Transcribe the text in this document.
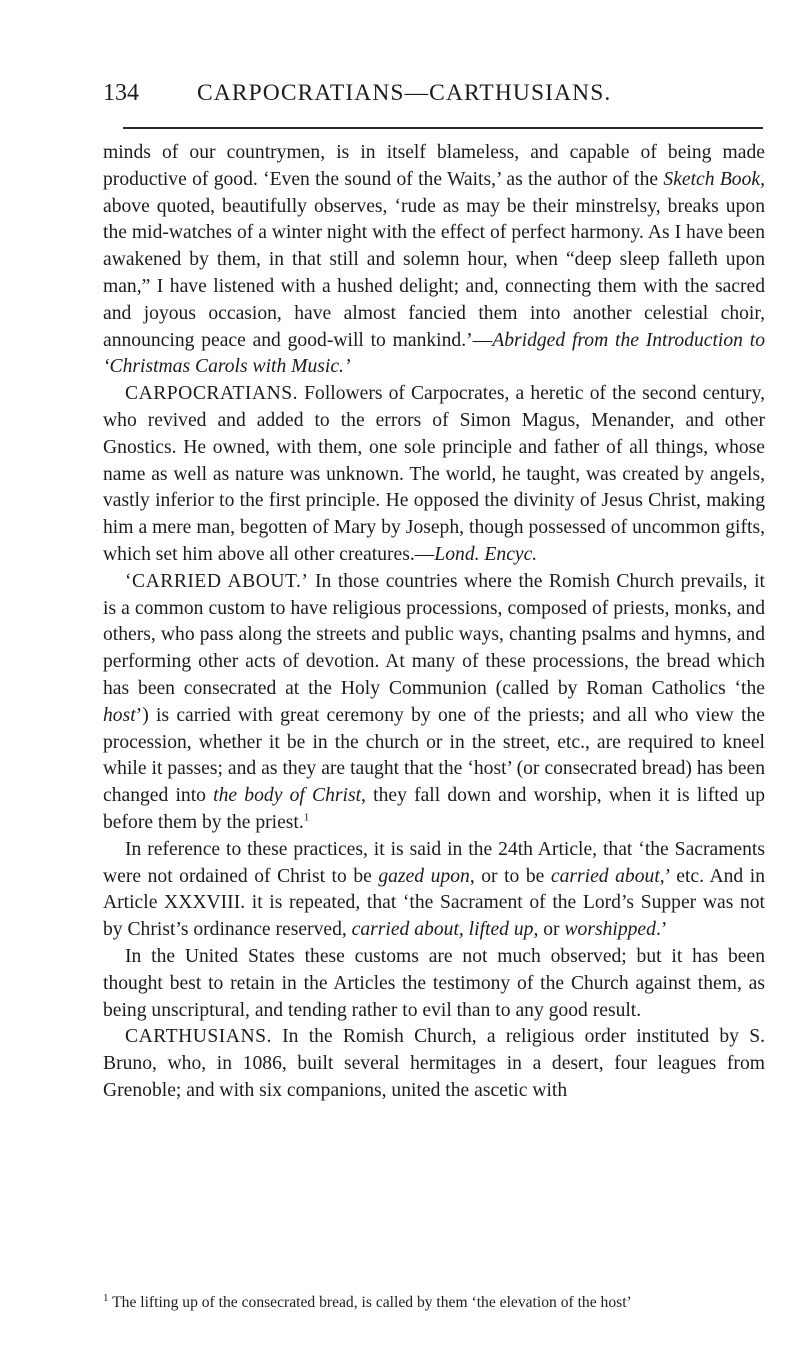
134 CARPOCRATIANS—CARTHUSIANS.

minds of our countrymen, is in itself blameless, and capable of being made productive of good. ‘Even the sound of the Waits,’ as the author of the Sketch Book, above quoted, beautifully observes, ‘rude as may be their minstrelsy, breaks upon the mid-watches of a winter night with the effect of perfect harmony. As I have been awakened by them, in that still and solemn hour, when “deep sleep falleth upon man,” I have listened with a hushed delight; and, connecting them with the sacred and joyous occasion, have almost fancied them into another celestial choir, announcing peace and good-will to mankind.’—Abridged from the Introduction to ‘Christmas Carols with Music.’

CARPOCRATIANS. Followers of Carpocrates, a heretic of the second century, who revived and added to the errors of Simon Magus, Menander, and other Gnostics. He owned, with them, one sole principle and father of all things, whose name as well as nature was unknown. The world, he taught, was created by angels, vastly inferior to the first principle. He opposed the divinity of Jesus Christ, making him a mere man, begotten of Mary by Joseph, though possessed of uncommon gifts, which set him above all other creatures.—Lond. Encyc.

‘CARRIED ABOUT.’ In those countries where the Romish Church prevails, it is a common custom to have religious processions, composed of priests, monks, and others, who pass along the streets and public ways, chanting psalms and hymns, and performing other acts of devotion. At many of these processions, the bread which has been consecrated at the Holy Communion (called by Roman Catholics ‘the host’) is carried with great ceremony by one of the priests; and all who view the procession, whether it be in the church or in the street, etc., are required to kneel while it passes; and as they are taught that the ‘host’ (or consecrated bread) has been changed into the body of Christ, they fall down and worship, when it is lifted up before them by the priest.$^1$

In reference to these practices, it is said in the 24th Article, that ‘the Sacraments were not ordained of Christ to be gazed upon, or to be carried about,’ etc. And in Article XXXVIII. it is repeated, that ‘the Sacrament of the Lord’s Supper was not by Christ’s ordinance reserved, carried about, lifted up, or worshipped.’

In the United States these customs are not much observed; but it has been thought best to retain in the Articles the testimony of the Church against them, as being unscriptural, and tending rather to evil than to any good result.

CARTHUSIANS. In the Romish Church, a religious order instituted by S. Bruno, who, in 1086, built several hermitages in a desert, four leagues from Grenoble; and with six companions, united the ascetic with

$^1$ The lifting up of the consecrated bread, is called by them ‘the elevation of the host’
